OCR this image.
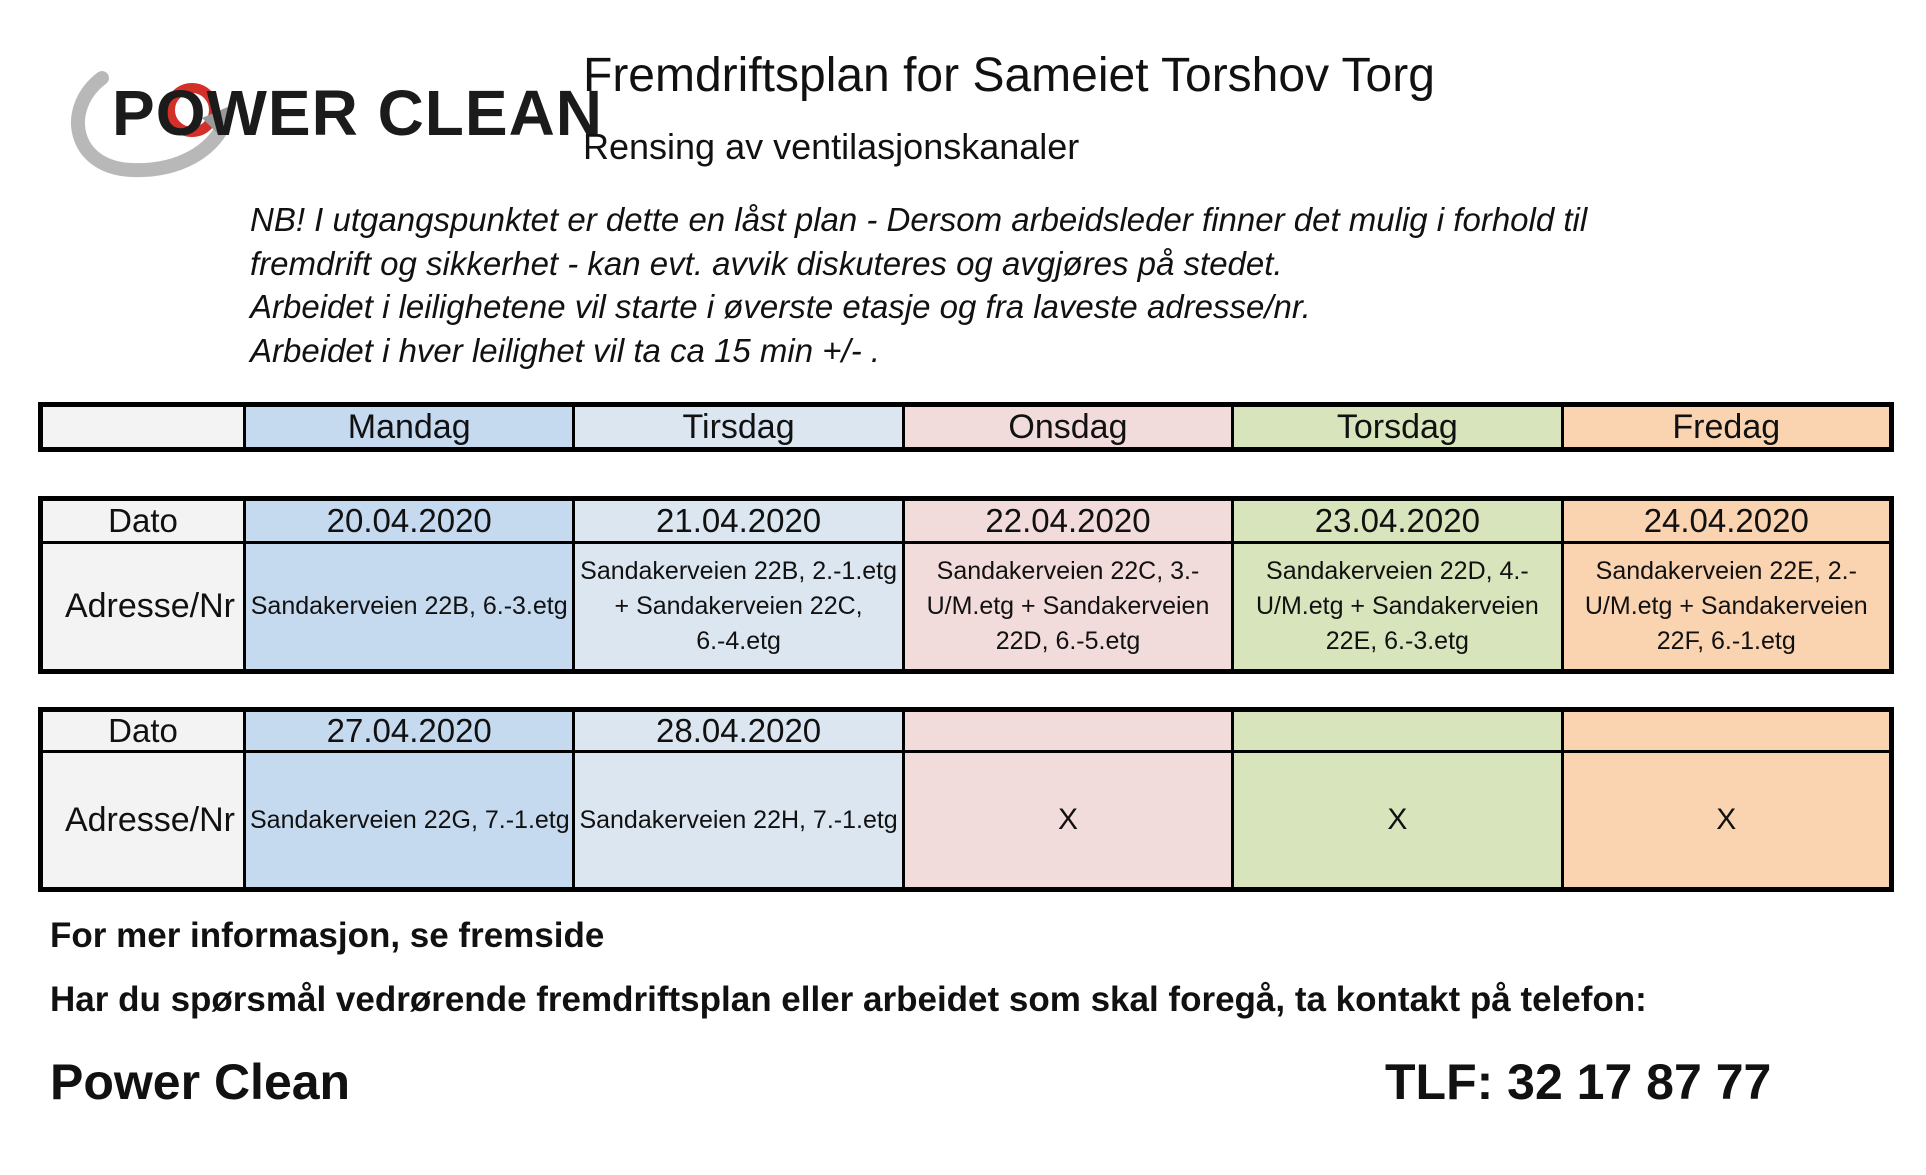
POWER CLEAN
Fremdriftsplan for Sameiet Torshov Torg
Rensing av ventilasjonskanaler
NB! I utgangspunktet er dette en låst plan - Dersom arbeidsleder finner det mulig i forhold til
fremdrift og sikkerhet - kan evt. avvik diskuteres og avgjøres på stedet.
Arbeidet i leilighetene vil starte i øverste etasje og fra laveste adresse/nr.
Arbeidet i hver leilighet vil ta ca 15 min +/- .
	Mandag	Tirsdag	Onsdag	Torsdag	Fredag
Dato	20.04.2020	21.04.2020	22.04.2020	23.04.2020	24.04.2020
Adresse/Nr	Sandakerveien 22B, 6.-3.etg	Sandakerveien 22B, 2.-1.etg + Sandakerveien 22C, 6.-4.etg	Sandakerveien 22C, 3.-U/M.etg + Sandakerveien 22D, 6.-5.etg	Sandakerveien 22D, 4.-U/M.etg + Sandakerveien 22E, 6.-3.etg	Sandakerveien 22E, 2.-U/M.etg + Sandakerveien 22F, 6.-1.etg
Dato	27.04.2020	28.04.2020			
Adresse/Nr	Sandakerveien 22G, 7.-1.etg	Sandakerveien 22H, 7.-1.etg	X	X	X
For mer informasjon, se fremside
Har du spørsmål vedrørende fremdriftsplan eller arbeidet som skal foregå, ta kontakt på telefon:
Power Clean	TLF: 32 17 87 77
